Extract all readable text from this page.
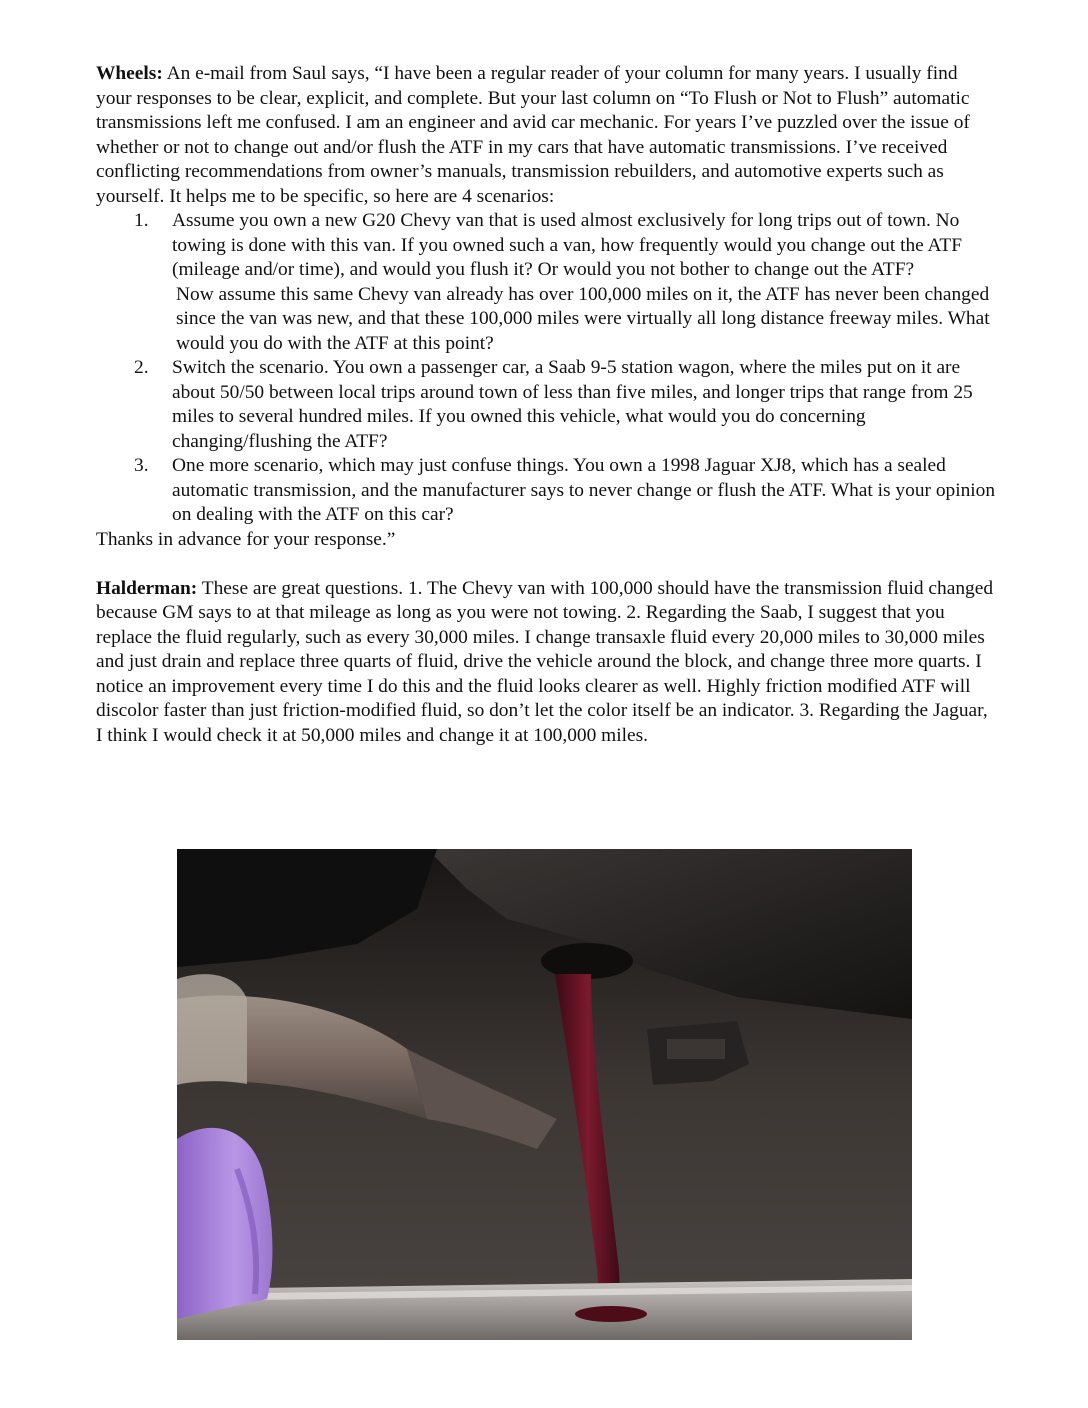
Wheels: An e-mail from Saul says, “I have been a regular reader of your column for many years. I usually find your responses to be clear, explicit, and complete. But your last column on “To Flush or Not to Flush” automatic transmissions left me confused. I am an engineer and avid car mechanic. For years I’ve puzzled over the issue of whether or not to change out and/or flush the ATF in my cars that have automatic transmissions. I’ve received conflicting recommendations from owner’s manuals, transmission rebuilders, and automotive experts such as yourself. It helps me to be specific, so here are 4 scenarios:

1. Assume you own a new G20 Chevy van that is used almost exclusively for long trips out of town. No towing is done with this van. If you owned such a van, how frequently would you change out the ATF (mileage and/or time), and would you flush it? Or would you not bother to change out the ATF?
Now assume this same Chevy van already has over 100,000 miles on it, the ATF has never been changed since the van was new, and that these 100,000 miles were virtually all long distance freeway miles. What would you do with the ATF at this point?
2. Switch the scenario. You own a passenger car, a Saab 9-5 station wagon, where the miles put on it are about 50/50 between local trips around town of less than five miles, and longer trips that range from 25 miles to several hundred miles. If you owned this vehicle, what would you do concerning changing/flushing the ATF?
3. One more scenario, which may just confuse things. You own a 1998 Jaguar XJ8, which has a sealed automatic transmission, and the manufacturer says to never change or flush the ATF. What is your opinion on dealing with the ATF on this car?

Thanks in advance for your response.”

Halderman: These are great questions. 1. The Chevy van with 100,000 should have the transmission fluid changed because GM says to at that mileage as long as you were not towing. 2. Regarding the Saab, I suggest that you replace the fluid regularly, such as every 30,000 miles. I change transaxle fluid every 20,000 miles to 30,000 miles and just drain and replace three quarts of fluid, drive the vehicle around the block, and change three more quarts. I notice an improvement every time I do this and the fluid looks clearer as well. Highly friction modified ATF will discolor faster than just friction-modified fluid, so don’t let the color itself be an indicator. 3. Regarding the Jaguar, I think I would check it at 50,000 miles and change it at 100,000 miles.
